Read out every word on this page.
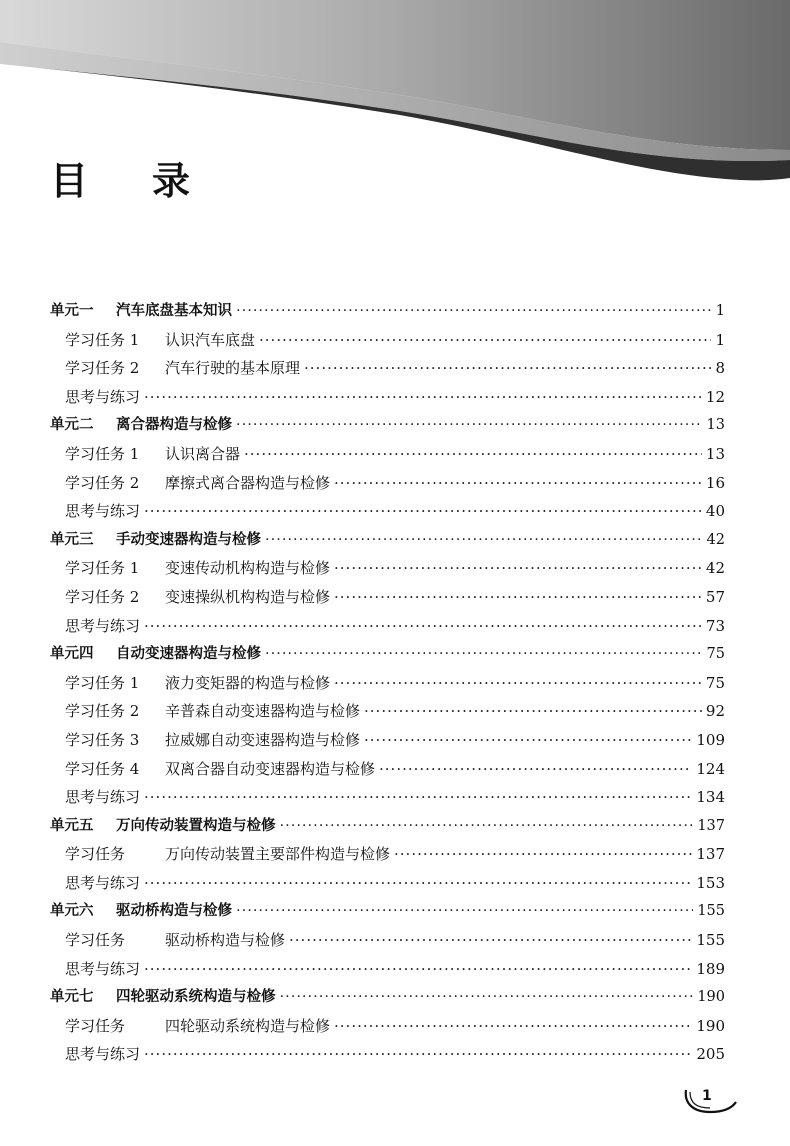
目 录
单元一	汽车底盘基本知识 ·····	1
学习任务 1	认识汽车底盘 ·····	1
学习任务 2	汽车行驶的基本原理 ·····	8
思考与练习 ·····	12
单元二	离合器构造与检修 ·····	13
学习任务 1	认识离合器 ·····	13
学习任务 2	摩擦式离合器构造与检修 ·····	16
思考与练习 ·····	40
单元三	手动变速器构造与检修 ·····	42
学习任务 1	变速传动机构构造与检修 ·····	42
学习任务 2	变速操纵机构构造与检修 ·····	57
思考与练习 ·····	73
单元四	自动变速器构造与检修 ·····	75
学习任务 1	液力变矩器的构造与检修 ·····	75
学习任务 2	辛普森自动变速器构造与检修 ·····	92
学习任务 3	拉威娜自动变速器构造与检修 ·····	109
学习任务 4	双离合器自动变速器构造与检修 ·····	124
思考与练习 ·····	134
单元五	万向传动装置构造与检修 ·····	137
学习任务	万向传动装置主要部件构造与检修 ·····	137
思考与练习 ·····	153
单元六	驱动桥构造与检修 ·····	155
学习任务	驱动桥构造与检修 ·····	155
思考与练习 ·····	189
单元七	四轮驱动系统构造与检修 ·····	190
学习任务	四轮驱动系统构造与检修 ·····	190
思考与练习 ·····	205
1
